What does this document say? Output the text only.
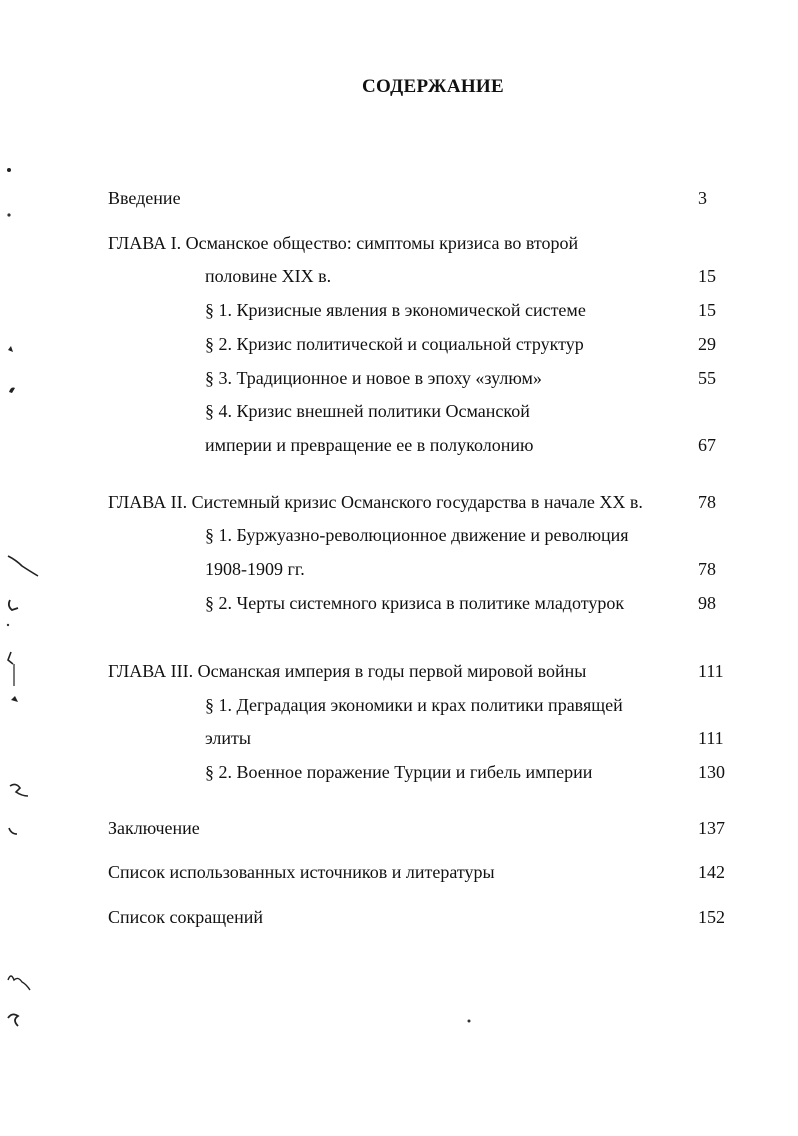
СОДЕРЖАНИЕ
Введение	3
ГЛАВА I. Османское общество: симптомы кризиса во второй
половине XIX в.	15
§ 1. Кризисные явления в экономической системе	15
§ 2. Кризис политической и социальной структур	29
§ 3. Традиционное и новое в эпоху «зулюм»	55
§ 4. Кризис внешней политики Османской
империи и превращение ее в полуколонию	67
ГЛАВА II. Системный кризис Османского государства в начале XX в.	78
§ 1. Буржуазно-революционное движение и революция
1908-1909 гг.	78
§ 2. Черты системного кризиса в политике младотурок	98
ГЛАВА III. Османская империя в годы первой мировой войны	111
§ 1. Деградация экономики и крах политики правящей
элиты	111
§ 2. Военное поражение Турции и гибель империи	130
Заключение	137
Список использованных источников и литературы	142
Список сокращений	152
